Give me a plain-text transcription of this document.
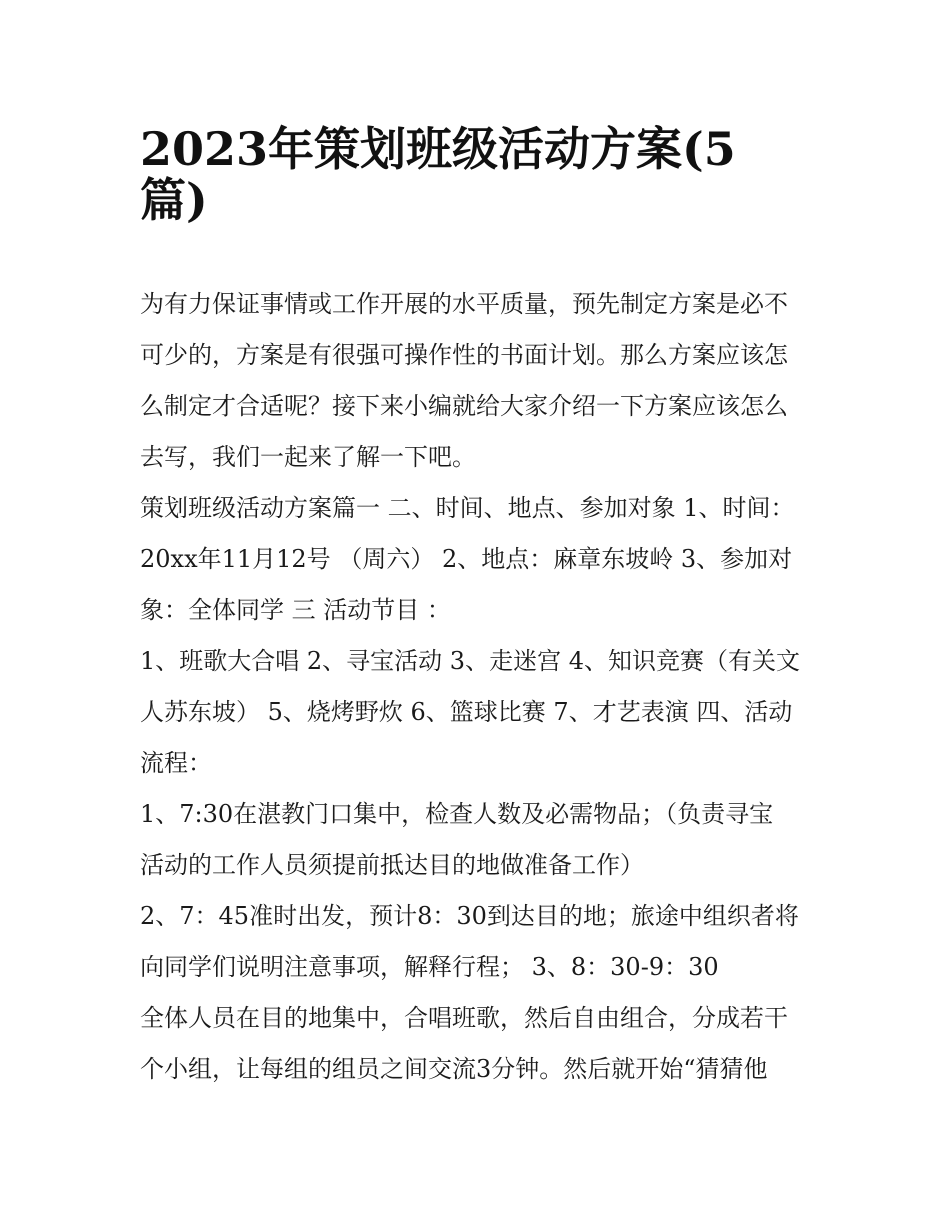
2023年策划班级活动方案(5
篇)

为有力保证事情或工作开展的水平质量，预先制定方案是必不
可少的，方案是有很强可操作性的书面计划。那么方案应该怎
么制定才合适呢？接下来小编就给大家介绍一下方案应该怎么
去写，我们一起来了解一下吧。

策划班级活动方案篇一 二、时间、地点、参加对象 1、时间：
20xx年11月12号 （周六） 2、地点：麻章东坡岭 3、参加对
象：全体同学 三 活动节目 ：

1、班歌大合唱 2、寻宝活动 3、走迷宫 4、知识竞赛（有关文
人苏东坡） 5、烧烤野炊 6、篮球比赛 7、才艺表演 四、活动
流程：

1、7:30在湛教门口集中，检查人数及必需物品；（负责寻宝
活动的工作人员须提前抵达目的地做准备工作）

2、7：45准时出发，预计8：30到达目的地；旅途中组织者将
向同学们说明注意事项，解释行程； 3、8：30-9：30

全体人员在目的地集中，合唱班歌，然后自由组合，分成若干
个小组，让每组的组员之间交流3分钟。然后就开始“猜猜他
